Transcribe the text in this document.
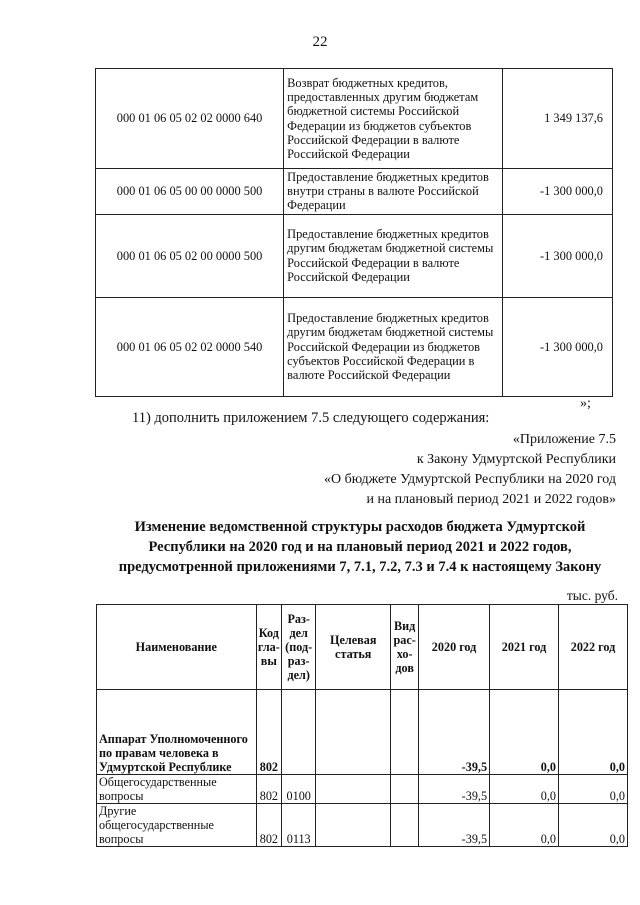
22
000 01 06 05 02 02 0000 640	Возврат бюджетных кредитов, предоставленных другим бюджетам бюджетной системы Российской Федерации из бюджетов субъектов Российской Федерации в валюте Российской Федерации	1 349 137,6
000 01 06 05 00 00 0000 500	Предоставление бюджетных кредитов внутри страны в валюте Российской Федерации	-1 300 000,0
000 01 06 05 02 00 0000 500	Предоставление бюджетных кредитов другим бюджетам бюджетной системы Российской Федерации в валюте Российской Федерации	-1 300 000,0
000 01 06 05 02 02 0000 540	Предоставление бюджетных кредитов другим бюджетам бюджетной системы Российской Федерации из бюджетов субъектов Российской Федерации в валюте Российской Федерации	-1 300 000,0
»;
11) дополнить приложением 7.5 следующего содержания:
«Приложение 7.5
к Закону Удмуртской Республики
«О бюджете Удмуртской Республики на 2020 год
и на плановый период 2021 и 2022 годов»
Изменение ведомственной структуры расходов бюджета Удмуртской
Республики на 2020 год и на плановый период 2021 и 2022 годов,
предусмотренной приложениями 7, 7.1, 7.2, 7.3 и 7.4 к настоящему Закону
тыс. руб.
Наименование	Код гла- вы	Раз- дел (под- раз- дел)	Целевая статья	Вид рас- хо- дов	2020 год	2021 год	2022 год
Аппарат Уполномоченного по правам человека в Удмуртской Республике	802				-39,5	0,0	0,0
Общегосударственные вопросы	802	0100			-39,5	0,0	0,0
Другие общегосударственные вопросы	802	0113			-39,5	0,0	0,0
